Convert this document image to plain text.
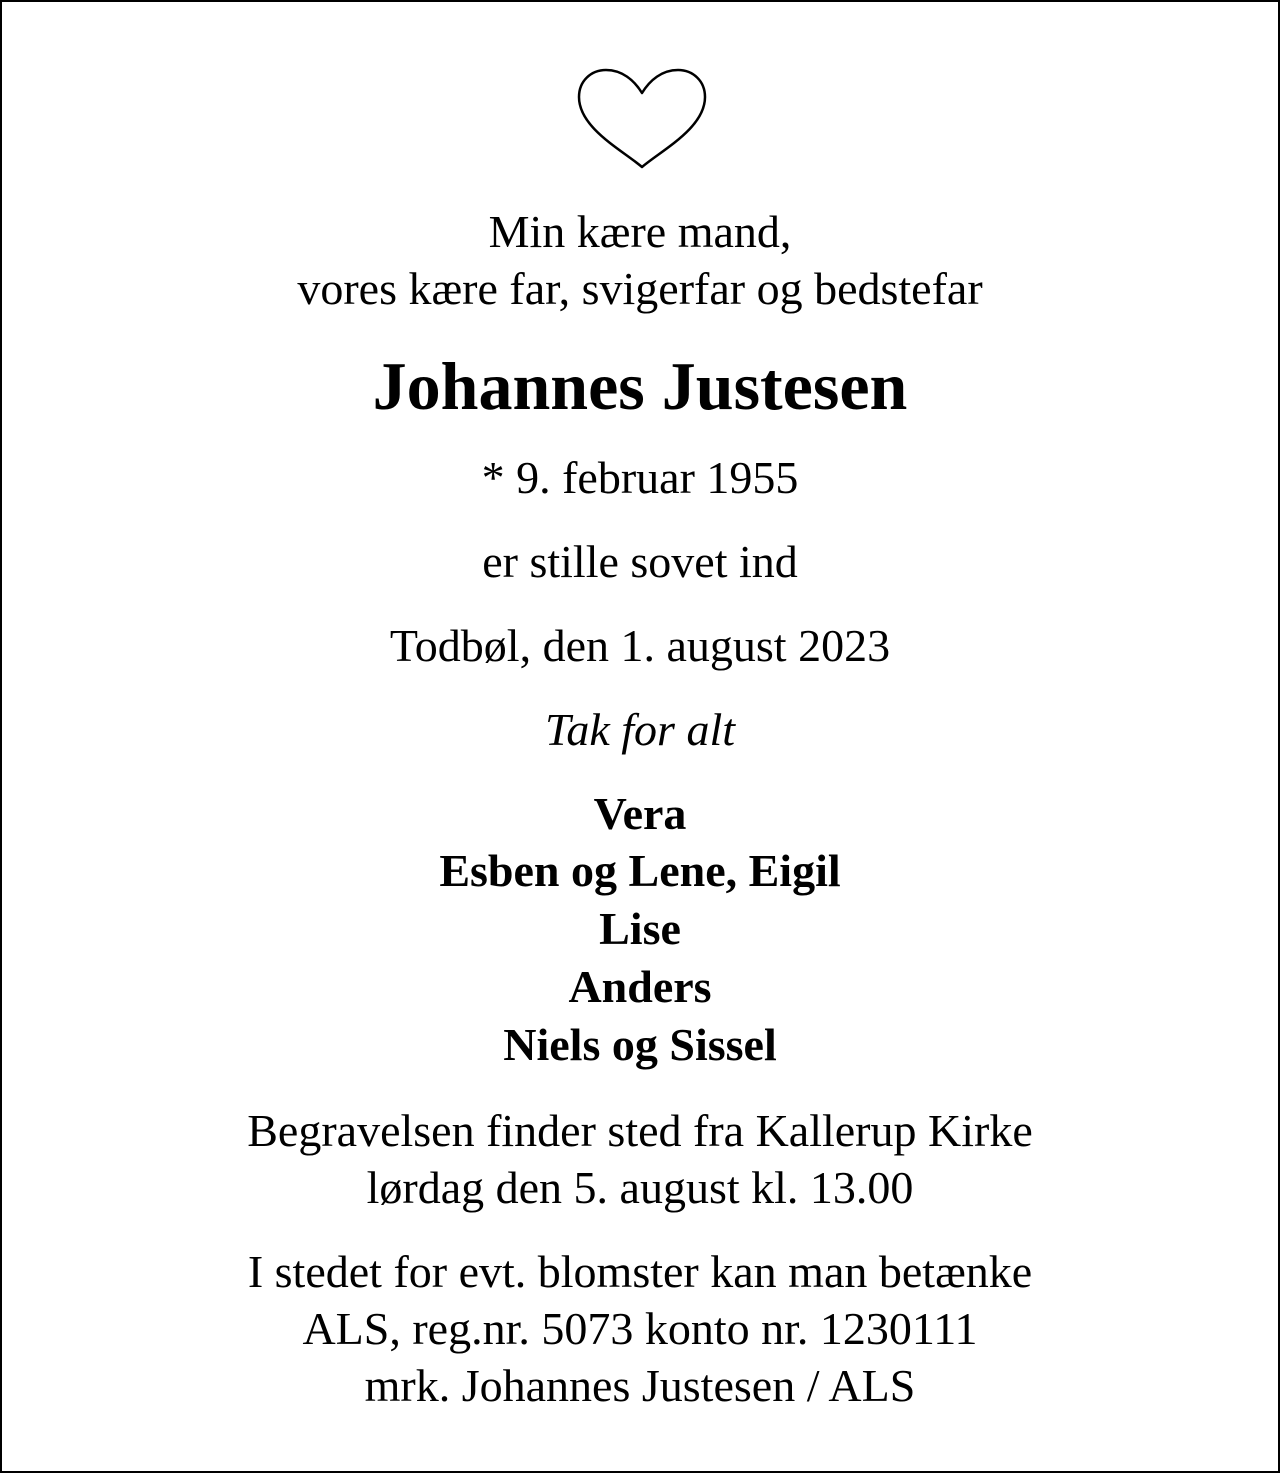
Min kære mand,
vores kære far, svigerfar og bedstefar
Johannes Justesen
* 9. februar 1955
er stille sovet ind
Todbøl, den 1. august 2023
Tak for alt
Vera
Esben og Lene, Eigil
Lise
Anders
Niels og Sissel
Begravelsen finder sted fra Kallerup Kirke
lørdag den 5. august kl. 13.00
I stedet for evt. blomster kan man betænke
ALS, reg.nr. 5073 konto nr. 1230111
mrk. Johannes Justesen / ALS
